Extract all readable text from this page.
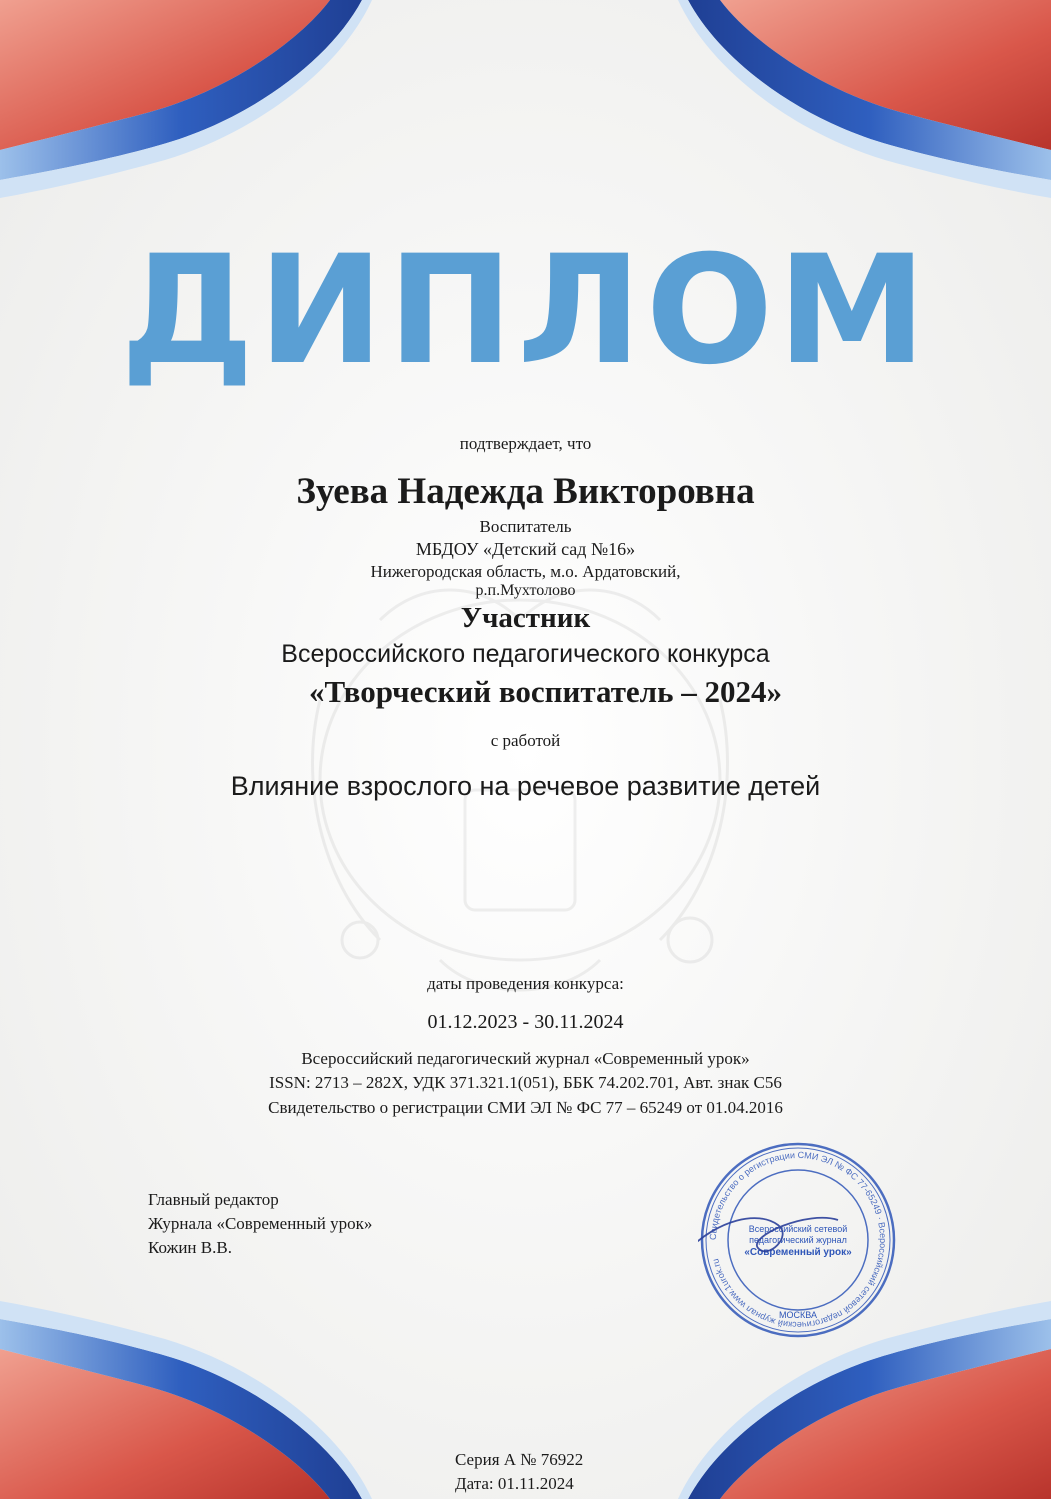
ДИПЛОМ
подтверждает, что
Зуева Надежда Викторовна
Воспитатель
МБДОУ «Детский сад №16»
Нижегородская область, м.о. Ардатовский,
р.п.Мухтолово
Участник
Всероссийского педагогического конкурса
«Творческий воспитатель – 2024»
с работой
Влияние взрослого на речевое развитие детей
даты проведения конкурса:
01.12.2023 - 30.11.2024
Всероссийский педагогический журнал «Современный урок»
ISSN: 2713 – 282X, УДК 371.321.1(051), ББК 74.202.701, Авт. знак С56
Свидетельство о регистрации СМИ ЭЛ № ФС 77 – 65249 от 01.04.2016
Главный редактор
Журнала «Современный урок»
Кожин В.В.
Свидетельство о регистрации СМИ ЭЛ № ФС 77-65249 · Всероссийский сетевой педагогический журнал www.1urok.ru
Всероссийский сетевой
педагогический журнал
«Современный урок»
МОСКВА
Серия А № 76922
Дата: 01.11.2024
